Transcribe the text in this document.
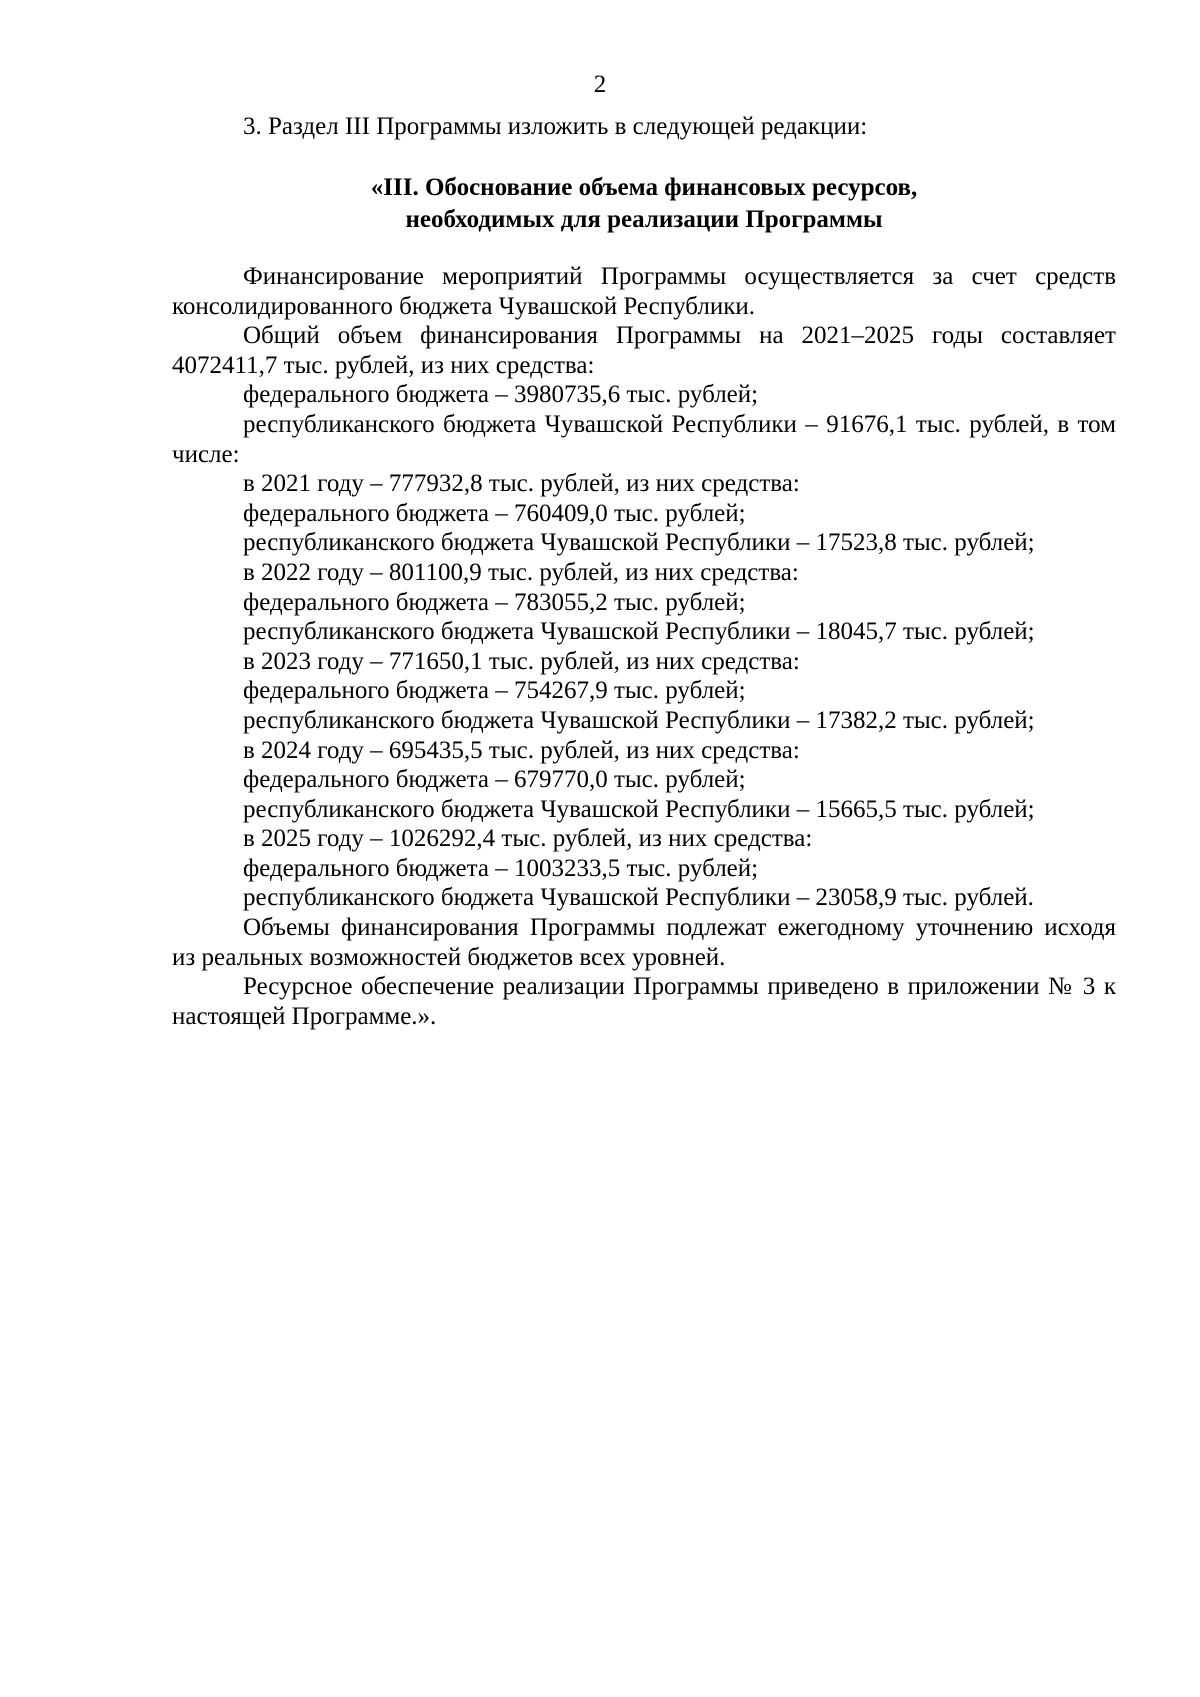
2

3. Раздел III Программы изложить в следующей редакции:

«III. Обоснование объема финансовых ресурсов,
необходимых для реализации Программы

Финансирование мероприятий Программы осуществляется за счет средств консолидированного бюджета Чувашской Республики.

Общий объем финансирования Программы на 2021–2025 годы составляет 4072411,7 тыс. рублей, из них средства:

федерального бюджета – 3980735,6 тыс. рублей;

республиканского бюджета Чувашской Республики – 91676,1 тыс. рублей, в том числе:

в 2021 году – 777932,8 тыс. рублей, из них средства:

федерального бюджета – 760409,0 тыс. рублей;

республиканского бюджета Чувашской Республики – 17523,8 тыс. рублей;

в 2022 году – 801100,9 тыс. рублей, из них средства:

федерального бюджета – 783055,2 тыс. рублей;

республиканского бюджета Чувашской Республики – 18045,7 тыс. рублей;

в 2023 году – 771650,1 тыс. рублей, из них средства:

федерального бюджета – 754267,9 тыс. рублей;

республиканского бюджета Чувашской Республики – 17382,2 тыс. рублей;

в 2024 году – 695435,5 тыс. рублей, из них средства:

федерального бюджета – 679770,0 тыс. рублей;

республиканского бюджета Чувашской Республики – 15665,5 тыс. рублей;

в 2025 году – 1026292,4 тыс. рублей, из них средства:

федерального бюджета – 1003233,5 тыс. рублей;

республиканского бюджета Чувашской Республики – 23058,9 тыс. рублей.

Объемы финансирования Программы подлежат ежегодному уточнению исходя из реальных возможностей бюджетов всех уровней.

Ресурсное обеспечение реализации Программы приведено в приложении № 3 к настоящей Программе.».
